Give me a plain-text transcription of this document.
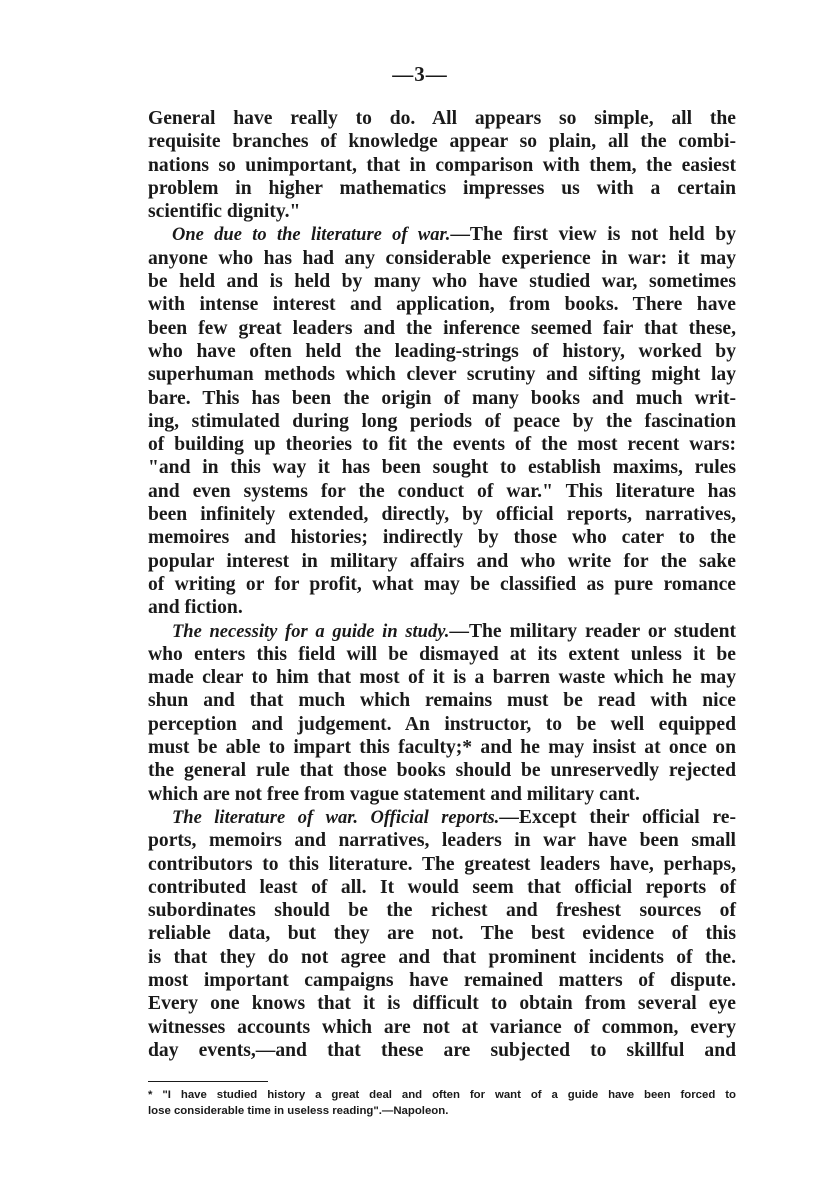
—3—
General have really to do. All appears so simple, all the
requisite branches of knowledge appear so plain, all the combi-
nations so unimportant, that in comparison with them, the easiest
problem in higher mathematics impresses us with a certain
scientific dignity."
One due to the literature of war.—The first view is not held by
anyone who has had any considerable experience in war: it may
be held and is held by many who have studied war, sometimes
with intense interest and application, from books. There have
been few great leaders and the inference seemed fair that these,
who have often held the leading-strings of history, worked by
superhuman methods which clever scrutiny and sifting might lay
bare. This has been the origin of many books and much writ-
ing, stimulated during long periods of peace by the fascination
of building up theories to fit the events of the most recent wars:
"and in this way it has been sought to establish maxims, rules
and even systems for the conduct of war." This literature has
been infinitely extended, directly, by official reports, narratives,
memoires and histories; indirectly by those who cater to the
popular interest in military affairs and who write for the sake
of writing or for profit, what may be classified as pure romance
and fiction.
The necessity for a guide in study.—The military reader or student
who enters this field will be dismayed at its extent unless it be
made clear to him that most of it is a barren waste which he may
shun and that much which remains must be read with nice
perception and judgement. An instructor, to be well equipped
must be able to impart this faculty;* and he may insist at once on
the general rule that those books should be unreservedly rejected
which are not free from vague statement and military cant.
The literature of war. Official reports.—Except their official re-
ports, memoirs and narratives, leaders in war have been small
contributors to this literature. The greatest leaders have, perhaps,
contributed least of all. It would seem that official reports of
subordinates should be the richest and freshest sources of
reliable data, but they are not. The best evidence of this
is that they do not agree and that prominent incidents of the.
most important campaigns have remained matters of dispute.
Every one knows that it is difficult to obtain from several eye
witnesses accounts which are not at variance of common, every
day events,—and that these are subjected to skillful and
* "I have studied history a great deal and often for want of a guide have been forced to
lose considerable time in useless reading".—Napoleon.
